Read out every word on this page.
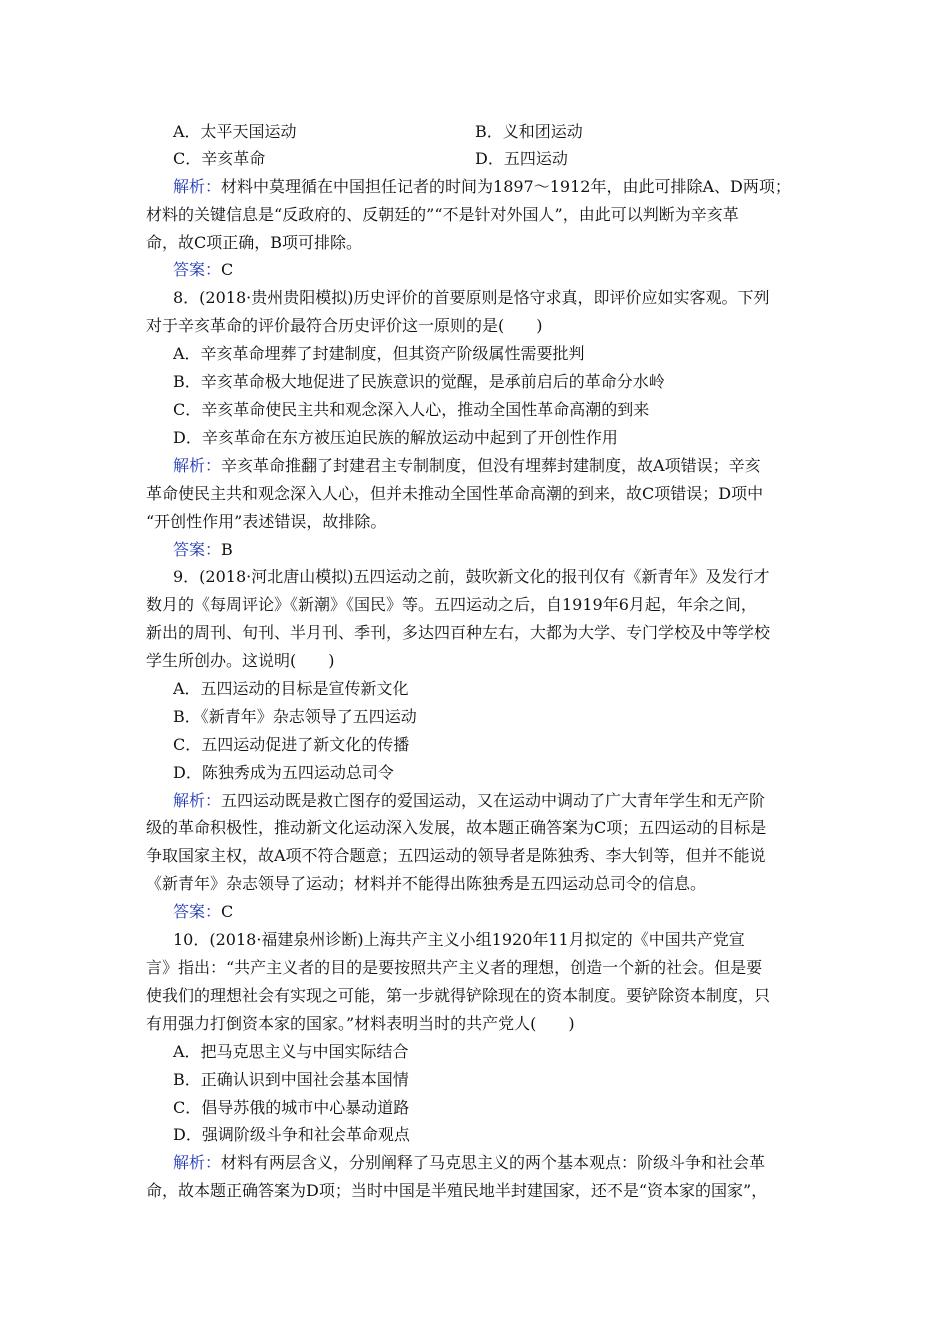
A．太平天国运动	B．义和团运动
C．辛亥革命	D．五四运动
解析：材料中莫理循在中国担任记者的时间为1897～1912年，由此可排除A、D两项；
材料的关键信息是“反政府的、反朝廷的”“不是针对外国人”，由此可以判断为辛亥革
命，故C项正确，B项可排除。
答案：C
8．(2018·贵州贵阳模拟)历史评价的首要原则是恪守求真，即评价应如实客观。下列
对于辛亥革命的评价最符合历史评价这一原则的是(　　)
A．辛亥革命埋葬了封建制度，但其资产阶级属性需要批判
B．辛亥革命极大地促进了民族意识的觉醒，是承前启后的革命分水岭
C．辛亥革命使民主共和观念深入人心，推动全国性革命高潮的到来
D．辛亥革命在东方被压迫民族的解放运动中起到了开创性作用
解析：辛亥革命推翻了封建君主专制制度，但没有埋葬封建制度，故A项错误；辛亥
革命使民主共和观念深入人心，但并未推动全国性革命高潮的到来，故C项错误；D项中
“开创性作用”表述错误，故排除。
答案：B
9．(2018·河北唐山模拟)五四运动之前，鼓吹新文化的报刊仅有《新青年》及发行才
数月的《每周评论》《新潮》《国民》等。五四运动之后，自1919年6月起，年余之间，
新出的周刊、旬刊、半月刊、季刊，多达四百种左右，大都为大学、专门学校及中等学校
学生所创办。这说明(　　)
A．五四运动的目标是宣传新文化
B．《新青年》杂志领导了五四运动
C．五四运动促进了新文化的传播
D．陈独秀成为五四运动总司令
解析：五四运动既是救亡图存的爱国运动，又在运动中调动了广大青年学生和无产阶
级的革命积极性，推动新文化运动深入发展，故本题正确答案为C项；五四运动的目标是
争取国家主权，故A项不符合题意；五四运动的领导者是陈独秀、李大钊等，但并不能说
《新青年》杂志领导了运动；材料并不能得出陈独秀是五四运动总司令的信息。
答案：C
10．(2018·福建泉州诊断)上海共产主义小组1920年11月拟定的《中国共产党宣
言》指出：“共产主义者的目的是要按照共产主义者的理想，创造一个新的社会。但是要
使我们的理想社会有实现之可能，第一步就得铲除现在的资本制度。要铲除资本制度，只
有用强力打倒资本家的国家。”材料表明当时的共产党人(　　)
A．把马克思主义与中国实际结合
B．正确认识到中国社会基本国情
C．倡导苏俄的城市中心暴动道路
D．强调阶级斗争和社会革命观点
解析：材料有两层含义，分别阐释了马克思主义的两个基本观点：阶级斗争和社会革
命，故本题正确答案为D项；当时中国是半殖民地半封建国家，还不是“资本家的国家”，
